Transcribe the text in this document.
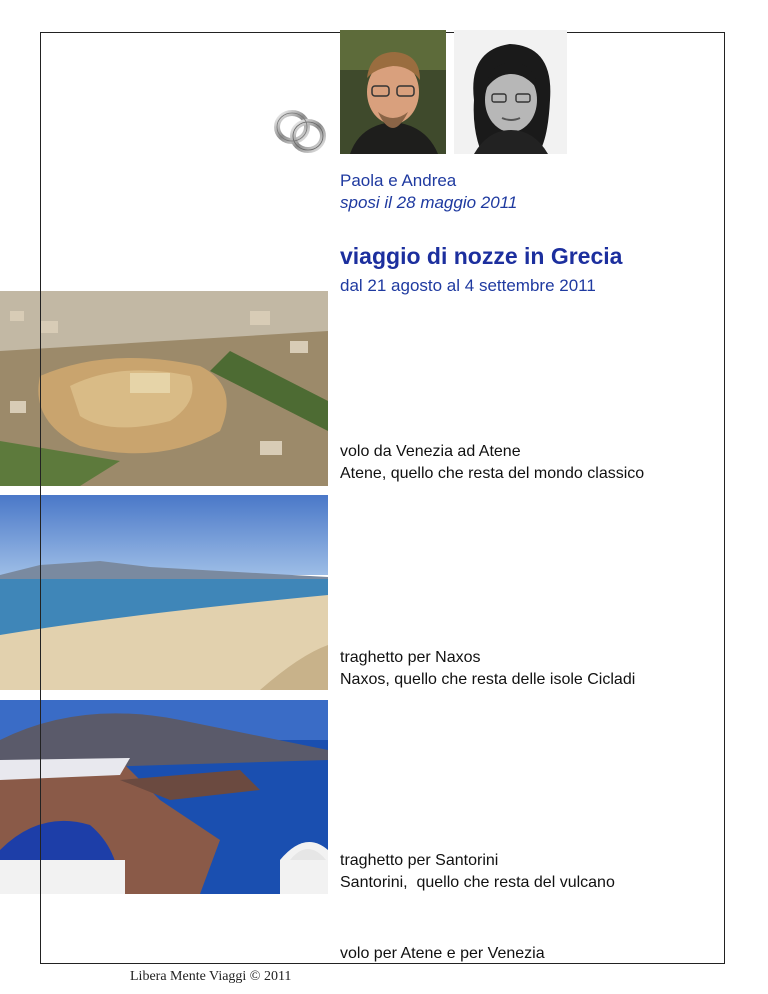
Paola e Andrea
sposi il 28 maggio 2011
viaggio di nozze in Grecia
dal 21 agosto al 4 settembre 2011
volo da Venezia ad Atene
Atene, quello che resta del mondo classico
traghetto per Naxos
Naxos, quello che resta delle isole Cicladi
traghetto per Santorini
Santorini,  quello che resta del vulcano
volo per Atene e per Venezia
Libera Mente Viaggi © 2011
